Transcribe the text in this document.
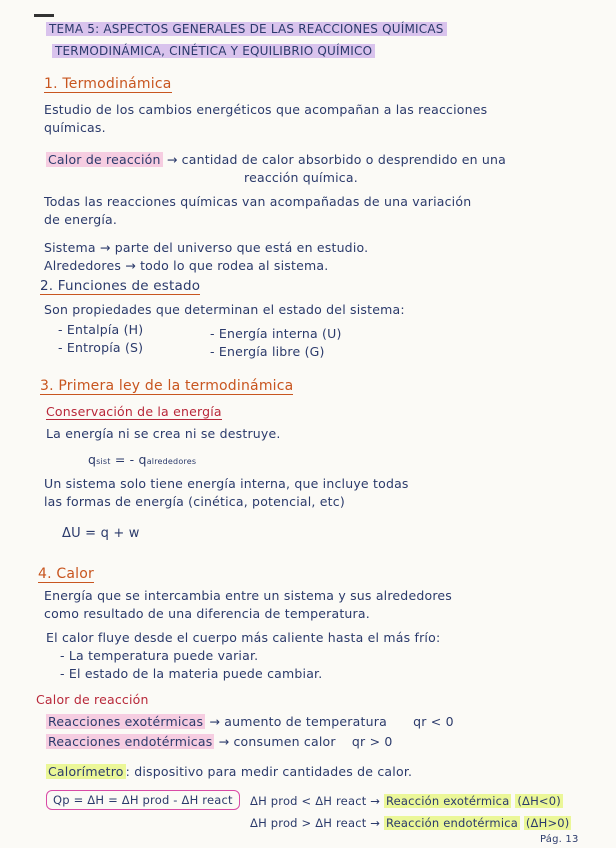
TEMA 5: ASPECTOS GENERALES DE LAS REACCIONES QUÍMICAS
TERMODINÁMICA, CINÉTICA Y EQUILIBRIO QUÍMICO
1. Termodinámica
Estudio de los cambios energéticos que acompañan a las reacciones
químicas.
Calor de reacción → cantidad de calor absorbido o desprendido en una
reacción química.
Todas las reacciones químicas van acompañadas de una variación
de energía.
Sistema → parte del universo que está en estudio.
Alrededores → todo lo que rodea al sistema.
2. Funciones de estado
Son propiedades que determinan el estado del sistema:
- Entalpía (H)
- Entropía (S)
- Energía interna (U)
- Energía libre (G)
3. Primera ley de la termodinámica
Conservación de la energía
La energía ni se crea ni se destruye.
qsist = - qalrededores
Un sistema solo tiene energía interna, que incluye todas
las formas de energía (cinética, potencial, etc)
ΔU = q + w
4. Calor
Energía que se intercambia entre un sistema y sus alrededores
como resultado de una diferencia de temperatura.
El calor fluye desde el cuerpo más caliente hasta el más frío:
- La temperatura puede variar.
- El estado de la materia puede cambiar.
Calor de reacción
Reacciones exotérmicas → aumento de temperatura qr < 0
Reacciones endotérmicas → consumen calor qr > 0
Calorímetro : dispositivo para medir cantidades de calor.
Qp = ΔH = ΔH prod - ΔH react	ΔH prod < ΔH react → Reacción exotérmica (ΔH<0)
ΔH prod > ΔH react → Reacción endotérmica (ΔH>0)
Pág. 13
